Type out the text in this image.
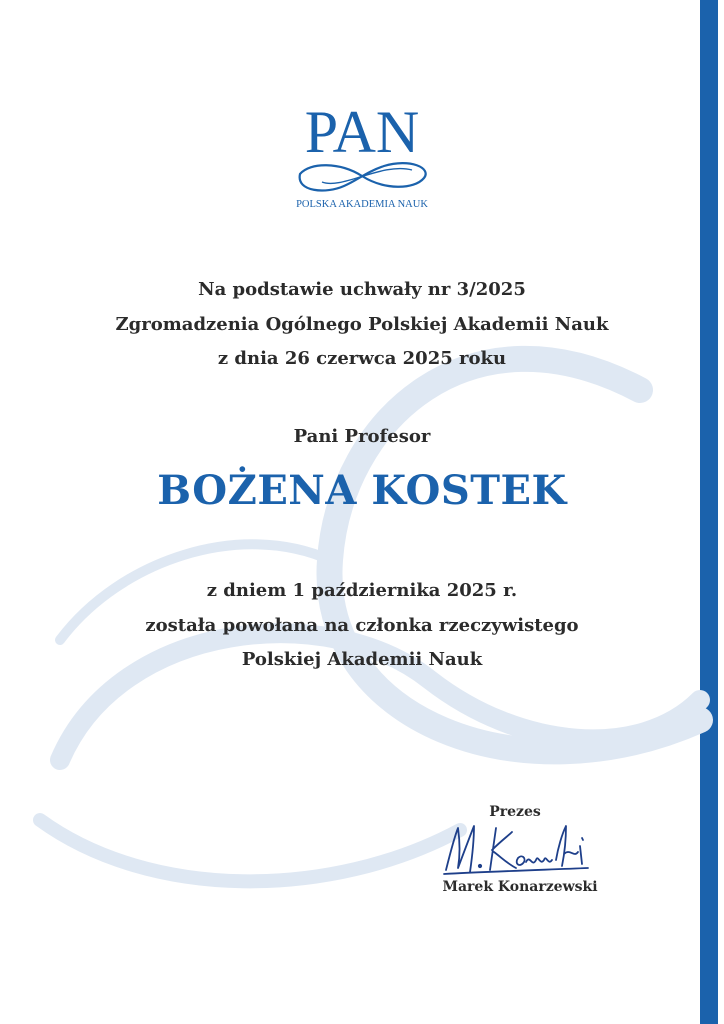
PAN
POLSKA AKADEMIA NAUK
Na podstawie uchwały nr 3/2025
Zgromadzenia Ogólnego Polskiej Akademii Nauk
z dnia 26 czerwca 2025 roku
Pani Profesor
BOŻENA KOSTEK
z dniem 1 października 2025 r.
została powołana na członka rzeczywistego
Polskiej Akademii Nauk
Prezes
Marek Konarzewski
